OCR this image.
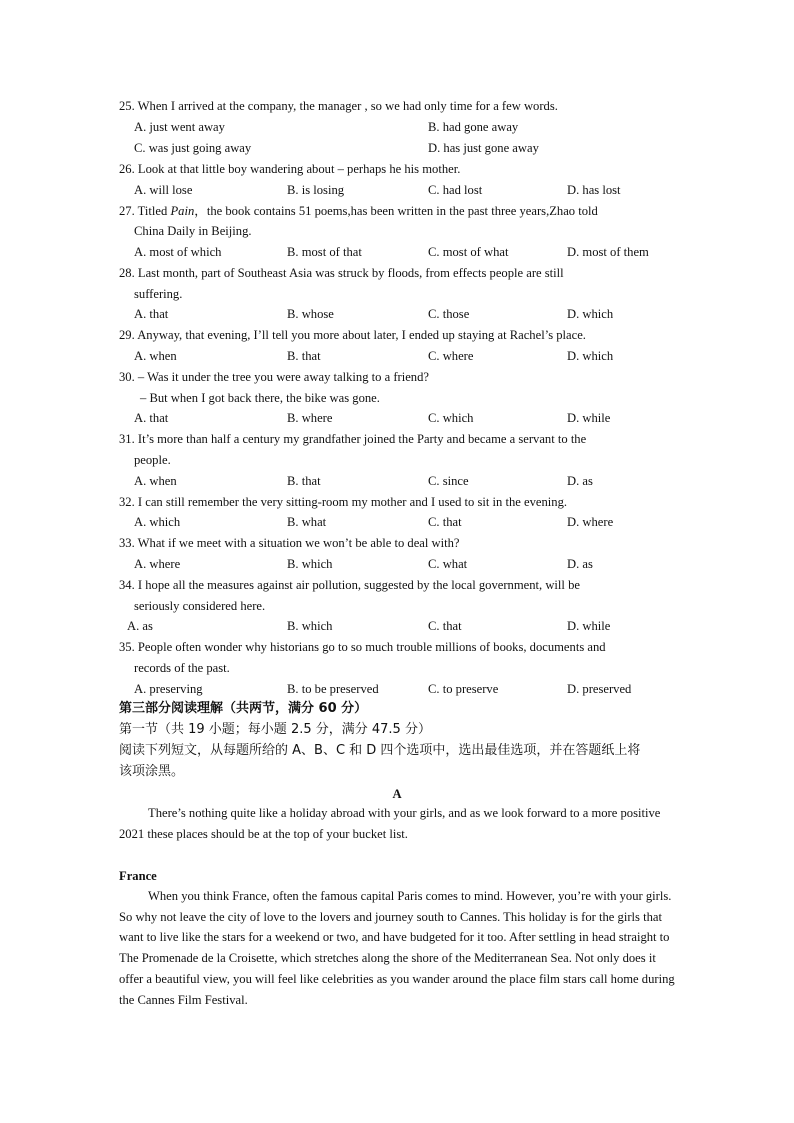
25. When I arrived at the company, the manager , so we had only time for a few words.
A. just went away	B. had gone away
C. was just going away	D. has just gone away
26. Look at that little boy wandering about – perhaps he his mother.
A. will lose	B. is losing	C. had lost	D. has lost
27. Titled Pain，the book contains 51 poems,has been written in the past three years,Zhao told
China Daily in Beijing.
A. most of which	B. most of that	C. most of what	D. most of them
28. Last month, part of Southeast Asia was struck by floods, from effects people are still
suffering.
A. that	B. whose	C. those	D. which
29. Anyway, that evening, I’ll tell you more about later, I ended up staying at Rachel’s place.
A. when	B. that	C. where	D. which
30. – Was it under the tree you were away talking to a friend?
– But when I got back there, the bike was gone.
A. that	B. where	C. which	D. while
31. It’s more than half a century my grandfather joined the Party and became a servant to the
people.
A. when	B. that	C. since	D. as
32. I can still remember the very sitting-room my mother and I used to sit in the evening.
A. which	B. what	C. that	D. where
33. What if we meet with a situation we won’t be able to deal with?
A. where	B. which	C. what	D. as
34. I hope all the measures against air pollution, suggested by the local government, will be
seriously considered here.
A. as	B. which	C. that	D. while
35. People often wonder why historians go to so much trouble millions of books, documents and
records of the past.
A. preserving	B. to be preserved	C. to preserve	D. preserved
第三部分阅读理解（共两节，满分 60 分）
第一节（共 19 小题；每小题 2.5 分，满分 47.5 分）
阅读下列短文，从每题所给的 A、B、C 和 D 四个选项中，选出最佳选项，并在答题纸上将
该项涂黑。
A
There’s nothing quite like a holiday abroad with your girls, and as we look forward to a more positive 2021 these places should be at the top of your bucket list.
France
When you think France, often the famous capital Paris comes to mind. However, you’re with your girls. So why not leave the city of love to the lovers and journey south to Cannes. This holiday is for the girls that want to live like the stars for a weekend or two, and have budgeted for it too. After settling in head straight to The Promenade de la Croisette, which stretches along the shore of the Mediterranean Sea. Not only does it offer a beautiful view, you will feel like celebrities as you wander around the place film stars call home during the Cannes Film Festival.
